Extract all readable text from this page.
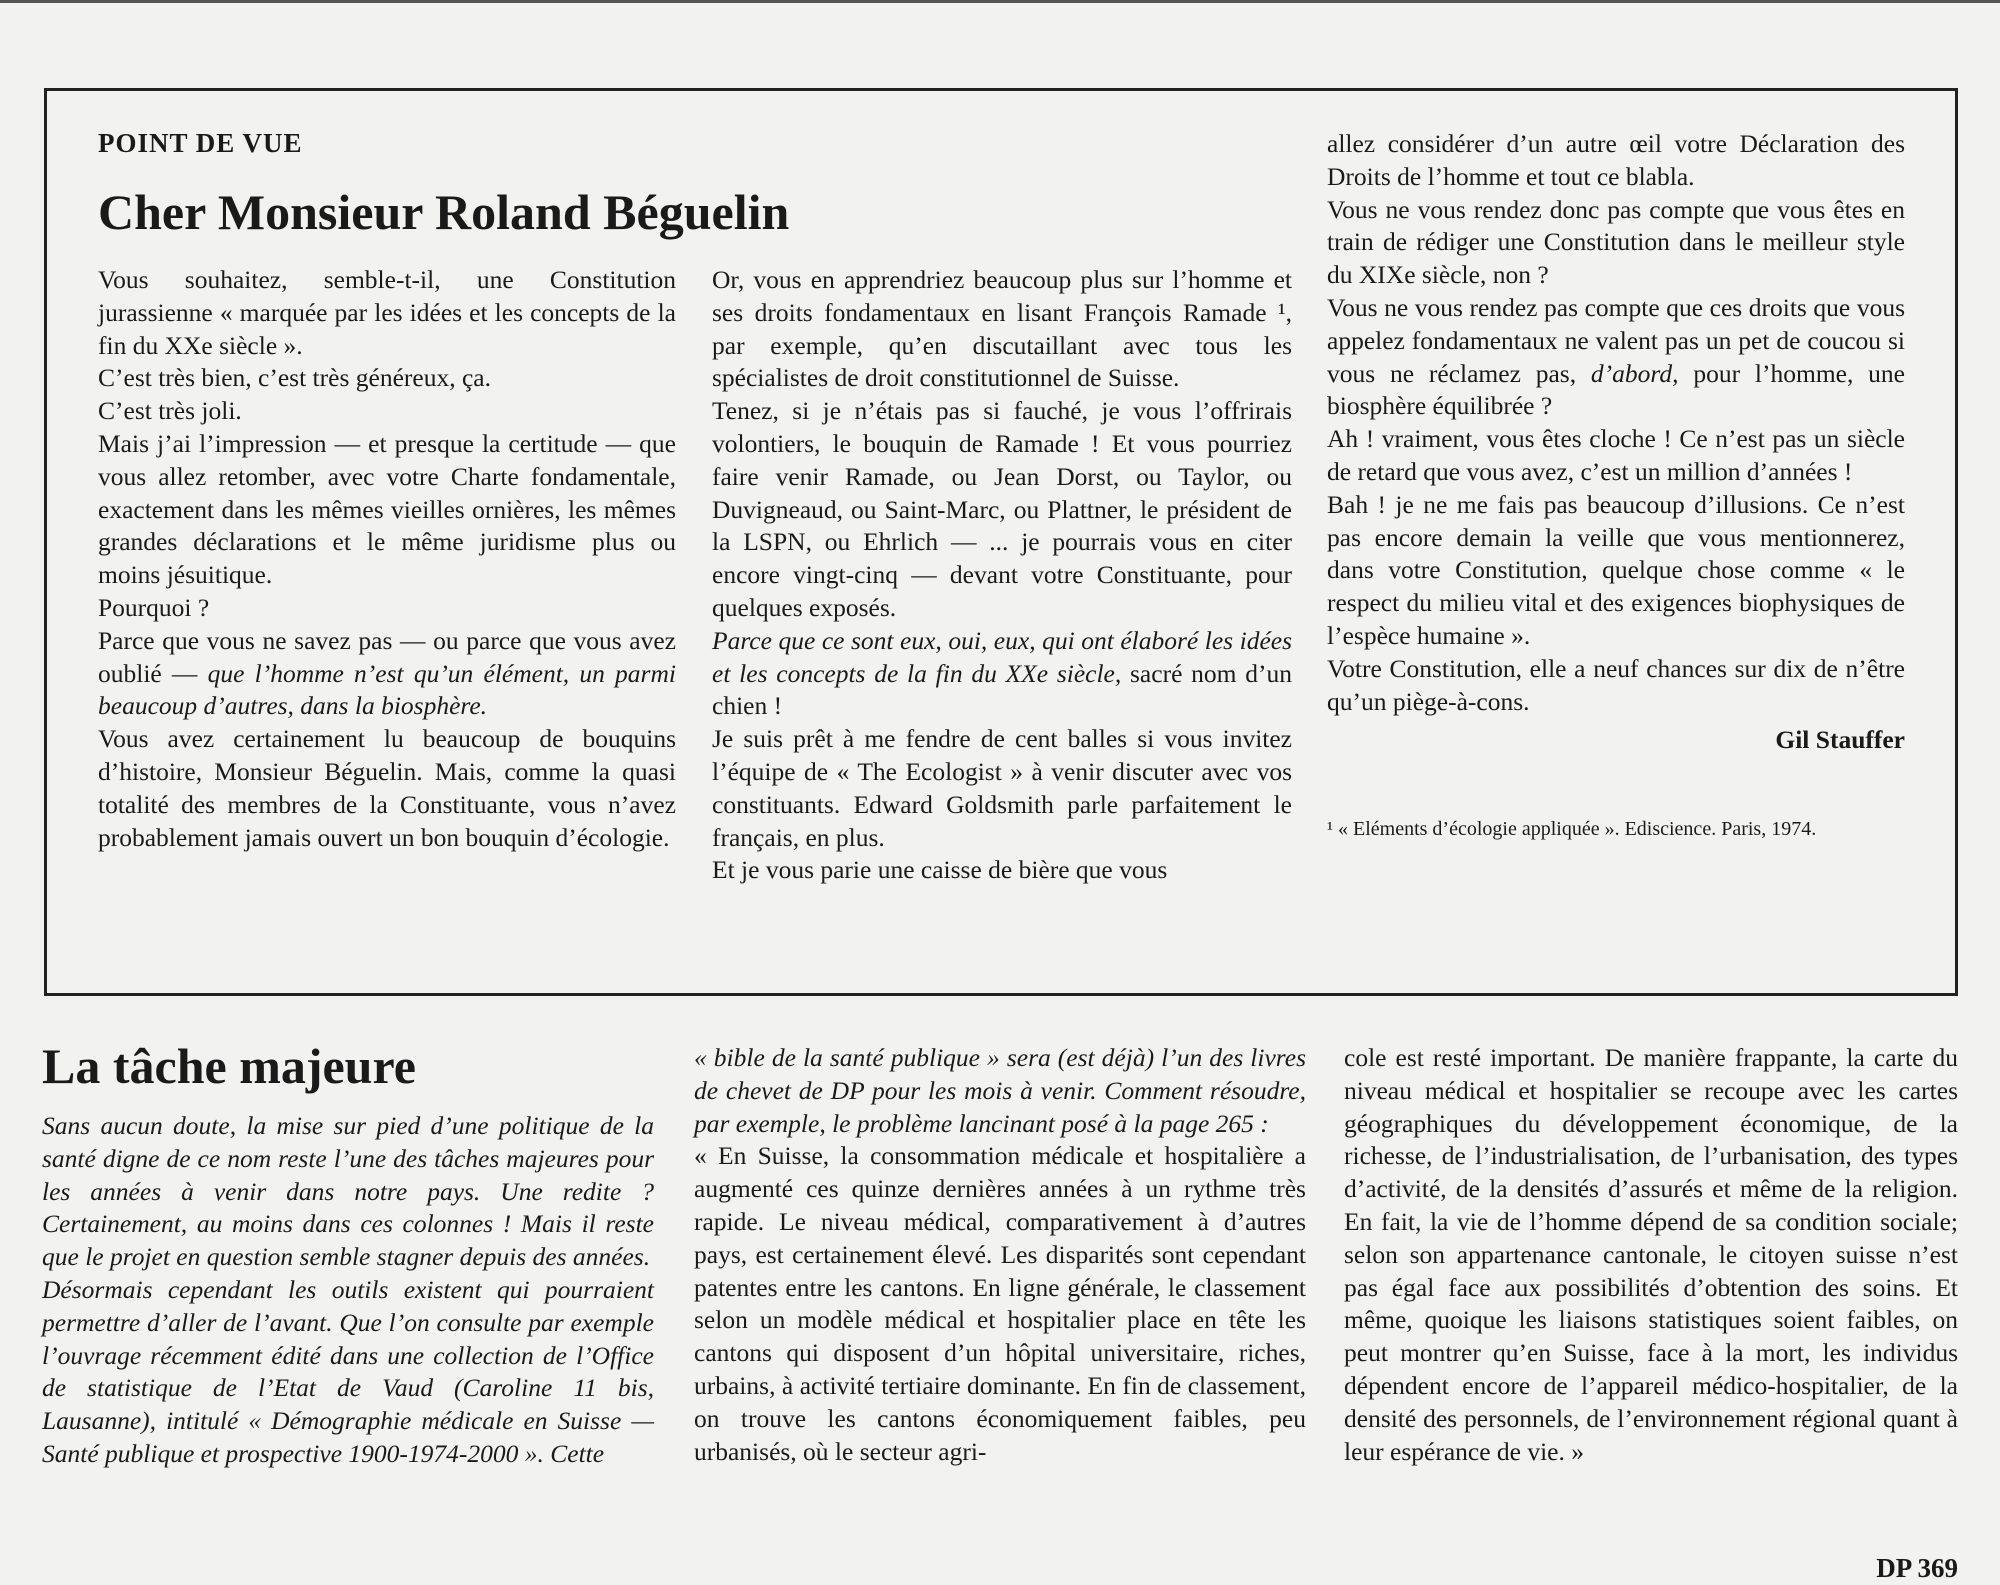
POINT DE VUE
Cher Monsieur Roland Béguelin

Vous souhaitez, semble-t-il, une Constitution jurassienne « marquée par les idées et les concepts de la fin du XXe siècle ».

C’est très bien, c’est très généreux, ça.

C’est très joli.

Mais j’ai l’impression — et presque la certitude — que vous allez retomber, avec votre Charte fondamentale, exactement dans les mêmes vieilles ornières, les mêmes grandes déclarations et le même juridisme plus ou moins jésuitique.

Pourquoi ?

Parce que vous ne savez pas — ou parce que vous avez oublié — que l’homme n’est qu’un élément, un parmi beaucoup d’autres, dans la biosphère.

Vous avez certainement lu beaucoup de bouquins d’histoire, Monsieur Béguelin. Mais, comme la quasi totalité des membres de la Constituante, vous n’avez probablement jamais ouvert un bon bouquin d’écologie.

Or, vous en apprendriez beaucoup plus sur l’homme et ses droits fondamentaux en lisant François Ramade ¹, par exemple, qu’en discutaillant avec tous les spécialistes de droit constitutionnel de Suisse.

Tenez, si je n’étais pas si fauché, je vous l’offrirais volontiers, le bouquin de Ramade ! Et vous pourriez faire venir Ramade, ou Jean Dorst, ou Taylor, ou Duvigneaud, ou Saint-Marc, ou Plattner, le président de la LSPN, ou Ehrlich — ... je pourrais vous en citer encore vingt-cinq — devant votre Constituante, pour quelques exposés.

Parce que ce sont eux, oui, eux, qui ont élaboré les idées et les concepts de la fin du XXe siècle, sacré nom d’un chien !

Je suis prêt à me fendre de cent balles si vous invitez l’équipe de « The Ecologist » à venir discuter avec vos constituants. Edward Goldsmith parle parfaitement le français, en plus.

Et je vous parie une caisse de bière que vous

allez considérer d’un autre œil votre Déclaration des Droits de l’homme et tout ce blabla.

Vous ne vous rendez donc pas compte que vous êtes en train de rédiger une Constitution dans le meilleur style du XIXe siècle, non ?

Vous ne vous rendez pas compte que ces droits que vous appelez fondamentaux ne valent pas un pet de coucou si vous ne réclamez pas, d’abord, pour l’homme, une biosphère équilibrée ?

Ah ! vraiment, vous êtes cloche ! Ce n’est pas un siècle de retard que vous avez, c’est un million d’années !

Bah ! je ne me fais pas beaucoup d’illusions. Ce n’est pas encore demain la veille que vous mentionnerez, dans votre Constitution, quelque chose comme « le respect du milieu vital et des exigences biophysiques de l’espèce humaine ».

Votre Constitution, elle a neuf chances sur dix de n’être qu’un piège-à-cons.

Gil Stauffer

¹ « Eléments d’écologie appliquée ». Ediscience. Paris, 1974.

La tâche majeure

Sans aucun doute, la mise sur pied d’une politique de la santé digne de ce nom reste l’une des tâches majeures pour les années à venir dans notre pays. Une redite ? Certainement, au moins dans ces colonnes ! Mais il reste que le projet en question semble stagner depuis des années.

Désormais cependant les outils existent qui pourraient permettre d’aller de l’avant. Que l’on consulte par exemple l’ouvrage récemment édité dans une collection de l’Office de statistique de l’Etat de Vaud (Caroline 11 bis, Lausanne), intitulé « Démographie médicale en Suisse — Santé publique et prospective 1900-1974-2000 ». Cette

« bible de la santé publique » sera (est déjà) l’un des livres de chevet de DP pour les mois à venir. Comment résoudre, par exemple, le problème lancinant posé à la page 265 :

« En Suisse, la consommation médicale et hospitalière a augmenté ces quinze dernières années à un rythme très rapide. Le niveau médical, comparativement à d’autres pays, est certainement élevé. Les disparités sont cependant patentes entre les cantons. En ligne générale, le classement selon un modèle médical et hospitalier place en tête les cantons qui disposent d’un hôpital universitaire, riches, urbains, à activité tertiaire dominante. En fin de classement, on trouve les cantons économiquement faibles, peu urbanisés, où le secteur agri-

cole est resté important. De manière frappante, la carte du niveau médical et hospitalier se recoupe avec les cartes géographiques du développement économique, de la richesse, de l’industrialisation, de l’urbanisation, des types d’activité, de la densités d’assurés et même de la religion. En fait, la vie de l’homme dépend de sa condition sociale; selon son appartenance cantonale, le citoyen suisse n’est pas égal face aux possibilités d’obtention des soins. Et même, quoique les liaisons statistiques soient faibles, on peut montrer qu’en Suisse, face à la mort, les individus dépendent encore de l’appareil médico-hospitalier, de la densité des personnels, de l’environnement régional quant à leur espérance de vie. »

DP 369
